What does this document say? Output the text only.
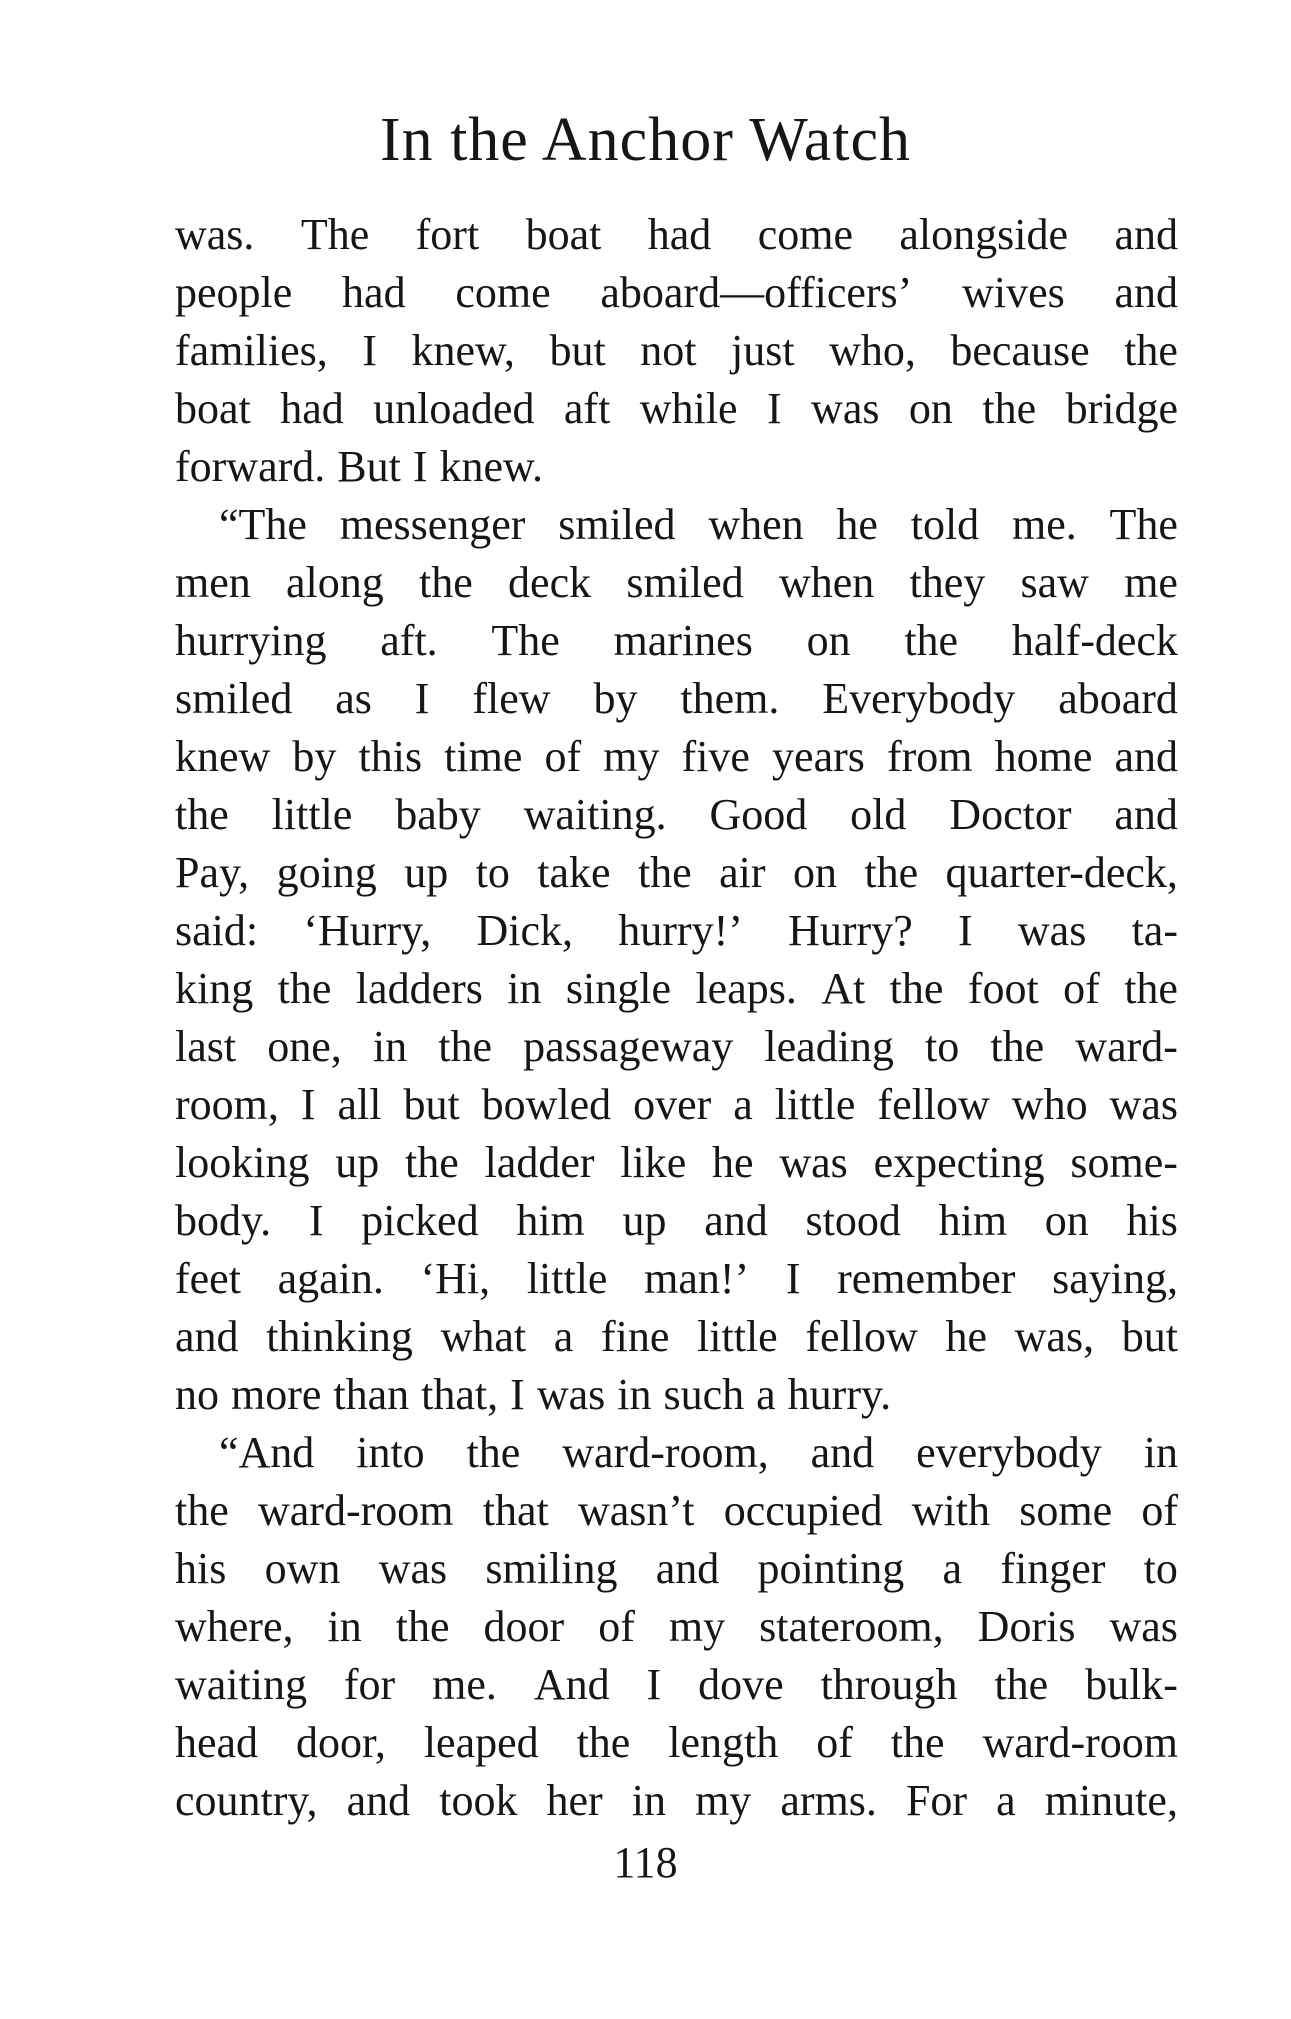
In the Anchor Watch
was. The fort boat had come alongside and
people had come aboard—officers’ wives and
families, I knew, but not just who, because the
boat had unloaded aft while I was on the bridge
forward. But I knew.
“The messenger smiled when he told me. The
men along the deck smiled when they saw me
hurrying aft. The marines on the half-deck
smiled as I flew by them. Everybody aboard
knew by this time of my five years from home and
the little baby waiting. Good old Doctor and
Pay, going up to take the air on the quarter-deck,
said: ‘Hurry, Dick, hurry!’ Hurry? I was ta-
king the ladders in single leaps. At the foot of the
last one, in the passageway leading to the ward-
room, I all but bowled over a little fellow who was
looking up the ladder like he was expecting some-
body. I picked him up and stood him on his
feet again. ‘Hi, little man!’ I remember saying,
and thinking what a fine little fellow he was, but
no more than that, I was in such a hurry.
“And into the ward-room, and everybody in
the ward-room that wasn’t occupied with some of
his own was smiling and pointing a finger to
where, in the door of my stateroom, Doris was
waiting for me. And I dove through the bulk-
head door, leaped the length of the ward-room
country, and took her in my arms. For a minute,
118
